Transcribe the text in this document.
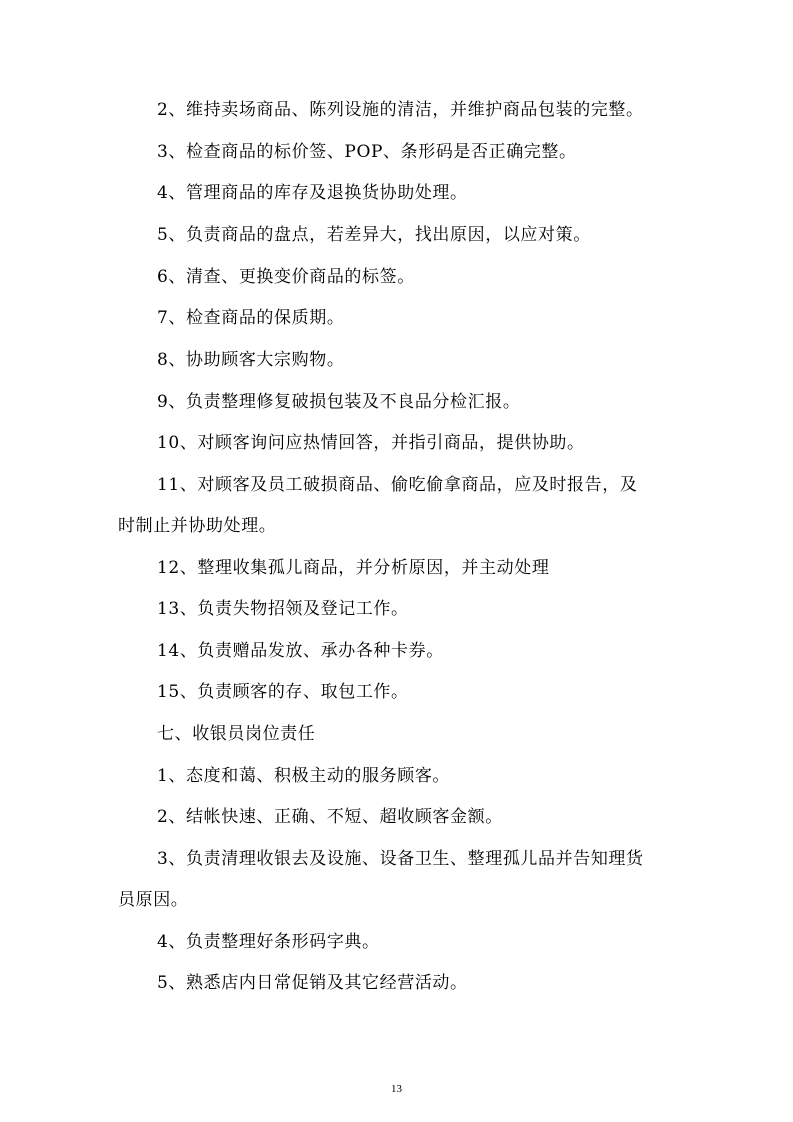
2、维持卖场商品、陈列设施的清洁，并维护商品包装的完整。
3、检查商品的标价签、POP、条形码是否正确完整。
4、管理商品的库存及退换货协助处理。
5、负责商品的盘点，若差异大，找出原因，以应对策。
6、清查、更换变价商品的标签。
7、检查商品的保质期。
8、协助顾客大宗购物。
9、负责整理修复破损包装及不良品分检汇报。
10、对顾客询问应热情回答，并指引商品，提供协助。
11、对顾客及员工破损商品、偷吃偷拿商品，应及时报告，及
时制止并协助处理。
12、整理收集孤儿商品，并分析原因，并主动处理
13、负责失物招领及登记工作。
14、负责赠品发放、承办各种卡券。
15、负责顾客的存、取包工作。
七、收银员岗位责任
1、态度和蔼、积极主动的服务顾客。
2、结帐快速、正确、不短、超收顾客金额。
3、负责清理收银去及设施、设备卫生、整理孤儿品并告知理货
员原因。
4、负责整理好条形码字典。
5、熟悉店内日常促销及其它经营活动。
13
